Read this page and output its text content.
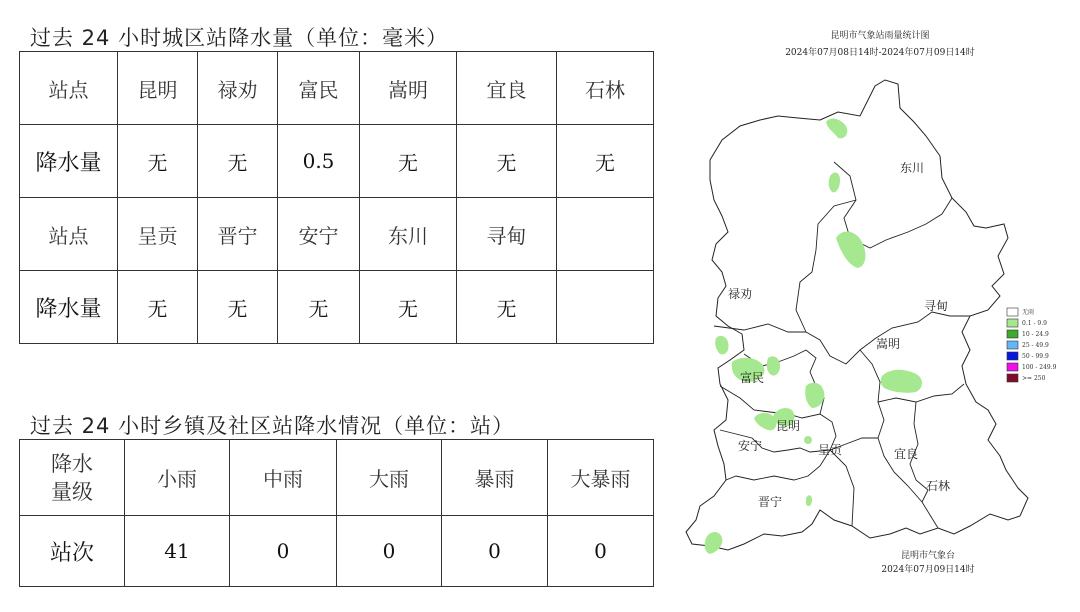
过去 24 小时城区站降水量（单位：毫米）
站点	昆明	禄劝	富民	嵩明	宜良	石林
降水量	无	无	0.5	无	无	无
站点	呈贡	晋宁	安宁	东川	寻甸	
降水量	无	无	无	无	无	
过去 24 小时乡镇及社区站降水情况（单位：站）
降水
量级	小雨	中雨	大雨	暴雨	大暴雨
站次	41	0	0	0	0
昆明市气象站雨量统计图
2024年07月08日14时-2024年07月09日14时
东川
禄劝
寻甸
嵩明
富民
昆明
安宁	呈贡	宜良
石林
晋宁
无雨
0.1 - 9.9
10 - 24.9
25 - 49.9
50 - 99.9
100 - 249.9
>= 250
昆明市气象台
2024年07月09日14时
